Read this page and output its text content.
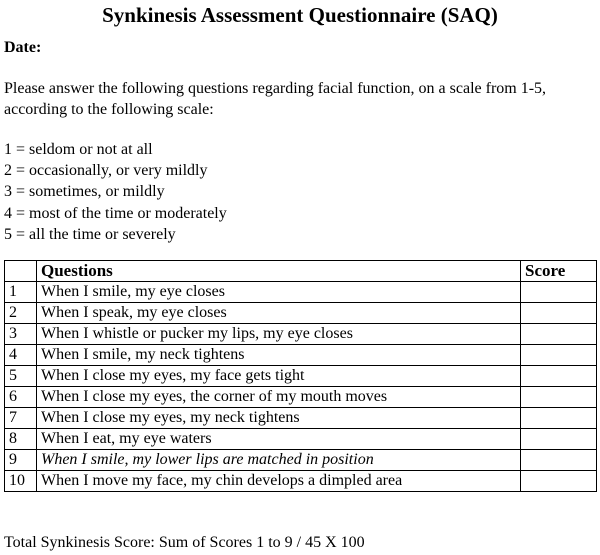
Synkinesis Assessment Questionnaire (SAQ)
Date:
Please answer the following questions regarding facial function, on a scale from 1-5, according to the following scale:
1 = seldom or not at all
2 = occasionally, or very mildly
3 = sometimes, or mildly
4 = most of the time or moderately
5 = all the time or severely
	Questions	Score
1	When I smile, my eye closes	
2	When I speak, my eye closes	
3	When I whistle or pucker my lips, my eye closes	
4	When I smile, my neck tightens	
5	When I close my eyes, my face gets tight	
6	When I close my eyes, the corner of my mouth moves	
7	When I close my eyes, my neck tightens	
8	When I eat, my eye waters	
9	When I smile, my lower lips are matched in position	
10	When I move my face, my chin develops a dimpled area	
Total Synkinesis Score: Sum of Scores 1 to 9 / 45 X 100
